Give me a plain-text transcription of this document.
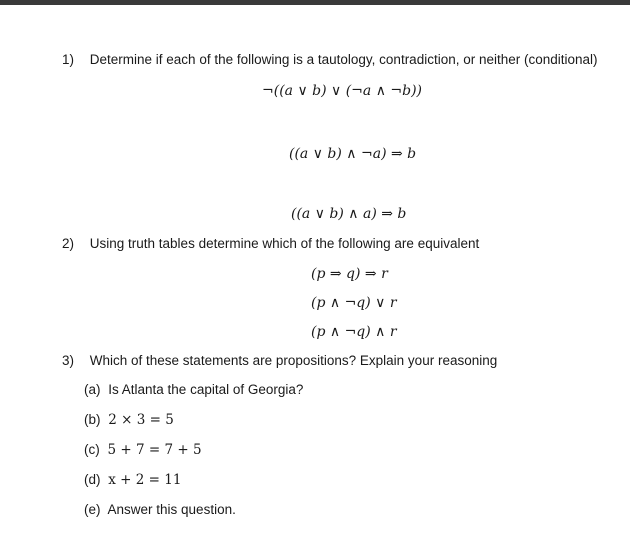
1) Determine if each of the following is a tautology, contradiction, or neither (conditional)
¬((a ∨ b) ∨ (¬a ∧ ¬b))
((a ∨ b) ∧ ¬a) ⇒ b
((a ∨ b) ∧ a) ⇒ b
2) Using truth tables determine which of the following are equivalent
(p ⇒ q) ⇒ r
(p ∧ ¬q) ∨ r
(p ∧ ¬q) ∧ r
3) Which of these statements are propositions? Explain your reasoning
(a) Is Atlanta the capital of Georgia?
(b) 2 × 3 = 5
(c) 5 + 7 = 7 + 5
(d) x + 2 = 11
(e) Answer this question.
